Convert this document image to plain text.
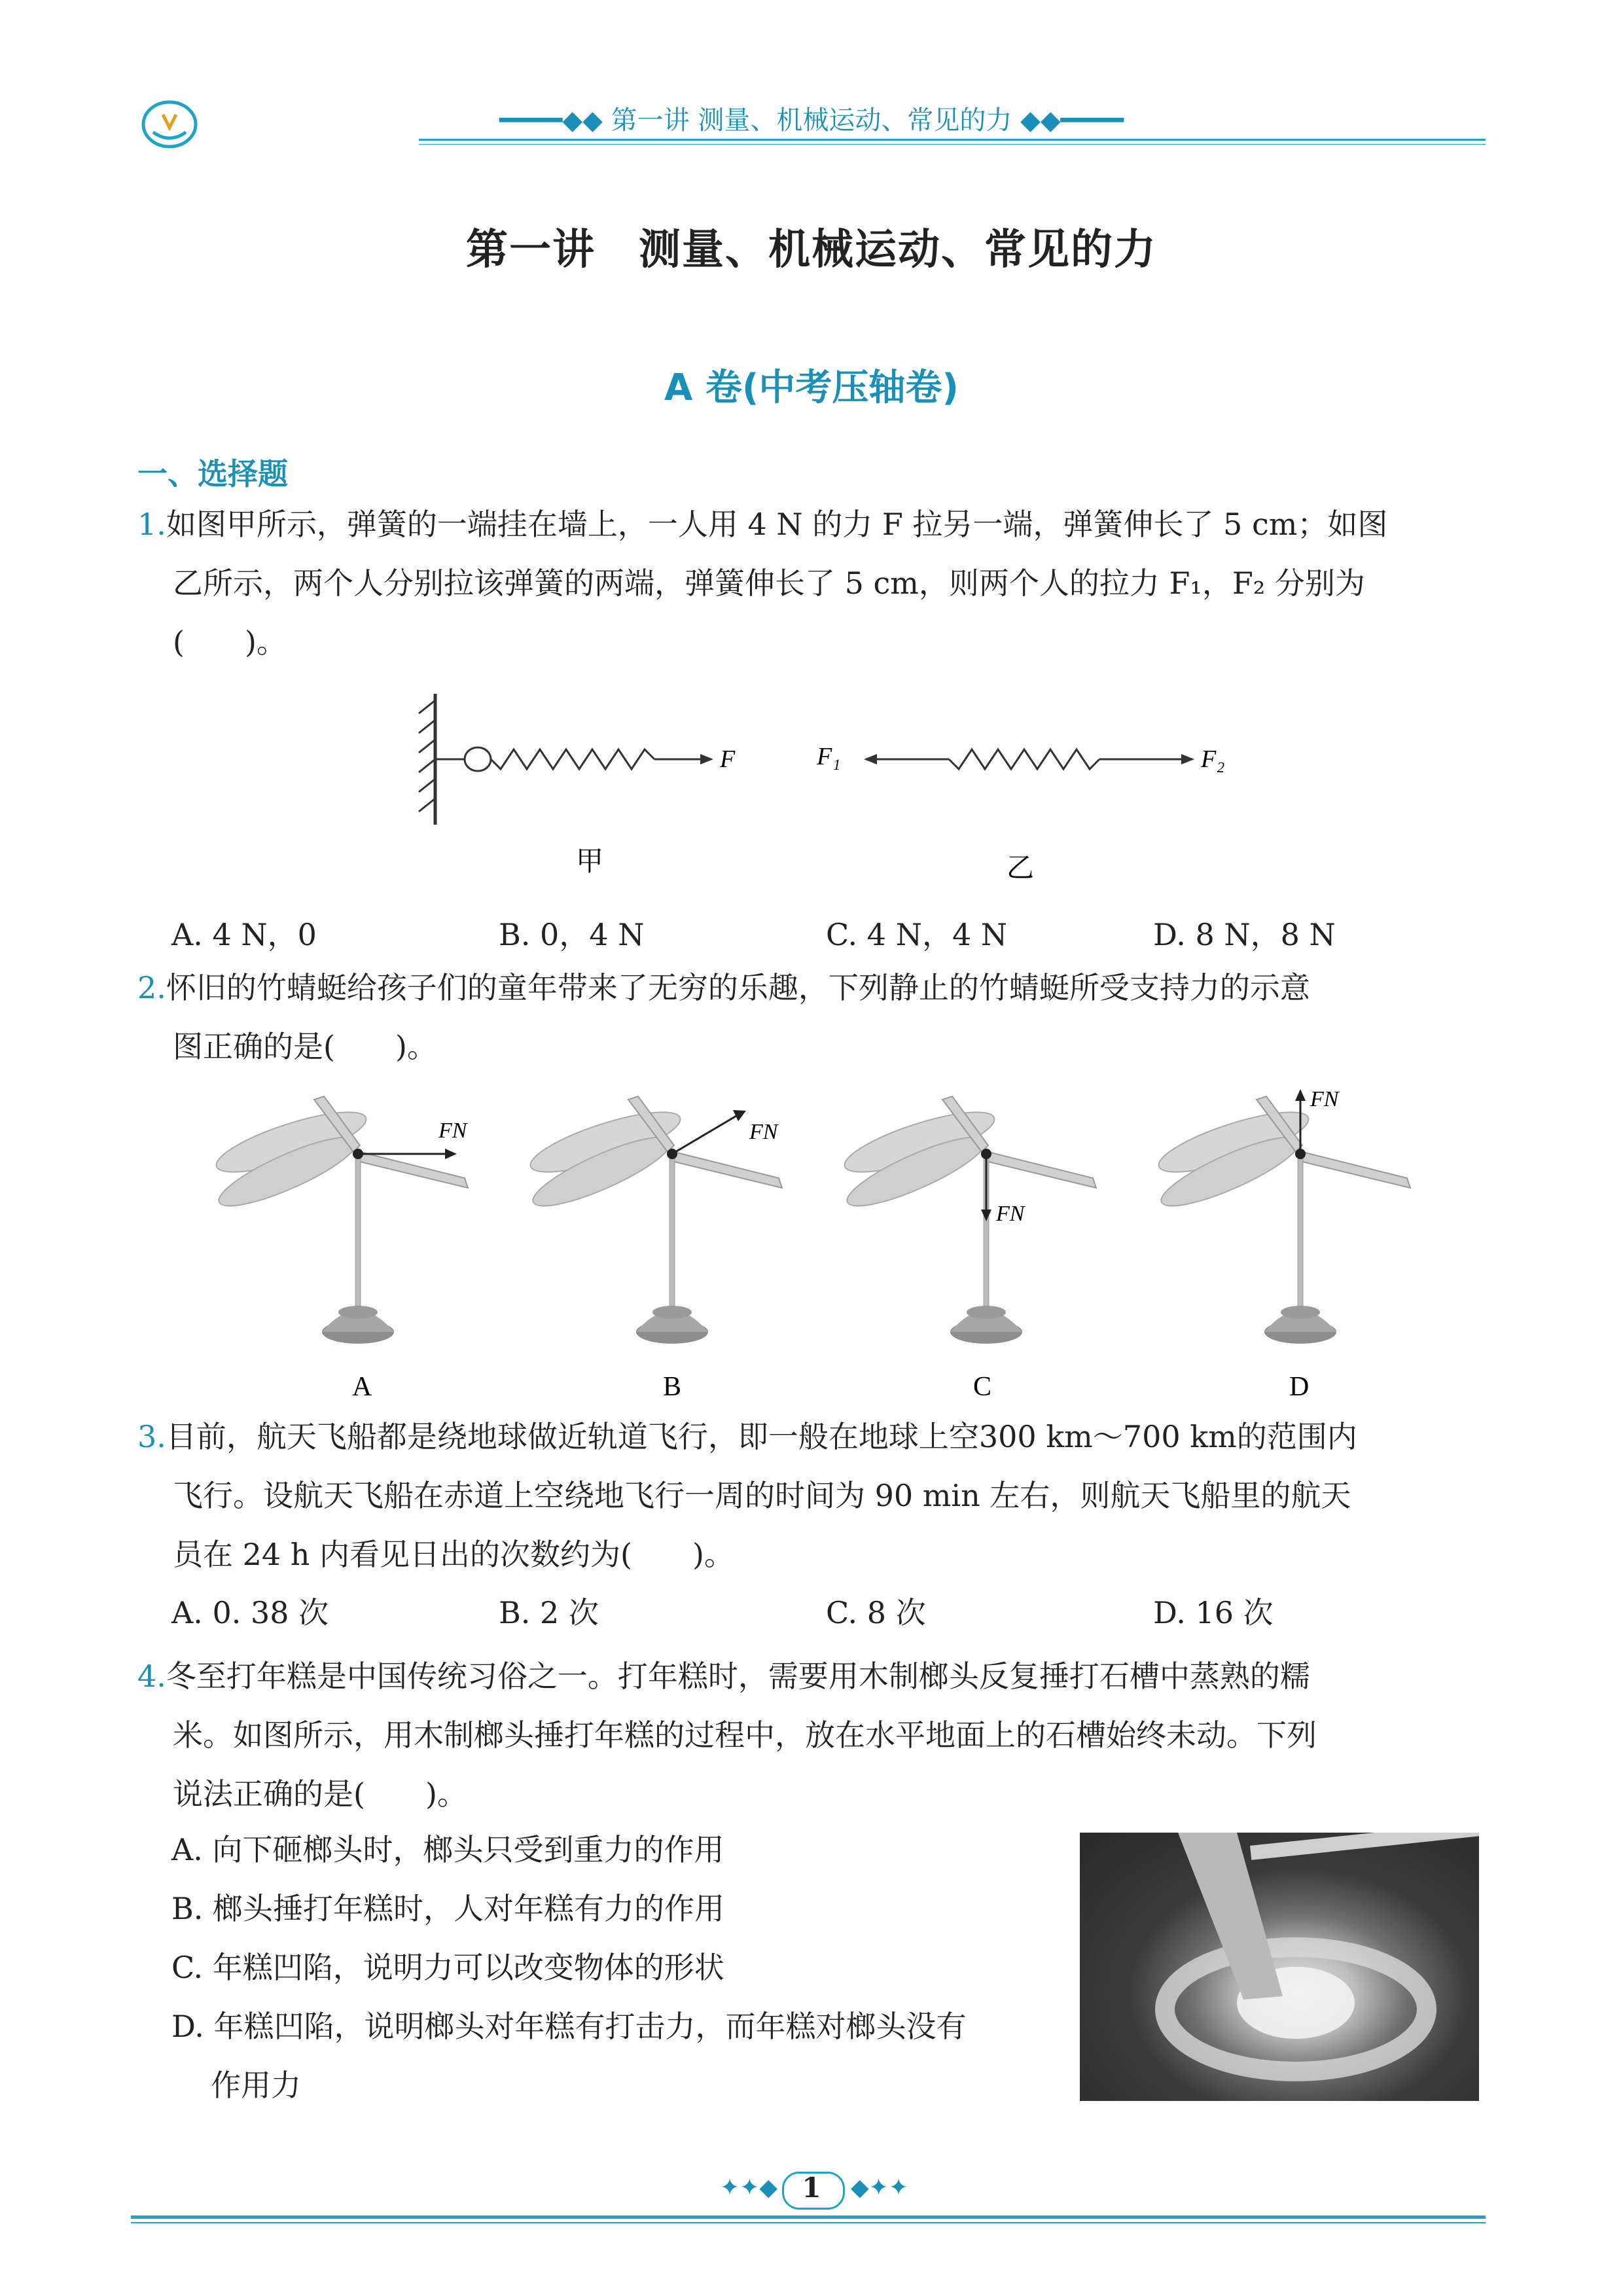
━━━━◆◆ 第一讲 测量、机械运动、常见的力 ◆◆━━━━
第一讲　测量、机械运动、常见的力
A 卷(中考压轴卷)
一、选择题
1.如图甲所示，弹簧的一端挂在墙上，一人用 4 N 的力 F 拉另一端，弹簧伸长了 5 cm；如图
乙所示，两个人分别拉该弹簧的两端，弹簧伸长了 5 cm，则两个人的拉力 F₁，F₂ 分别为
(　　)。
F
甲
F₁	F₂
乙
A. 4 N，0	B. 0，4 N	C. 4 N，4 N	D. 8 N，8 N
2.怀旧的竹蜻蜓给孩子们的童年带来了无穷的乐趣，下列静止的竹蜻蜓所受支持力的示意
图正确的是(　　)。
FN
A
FN
B
FN
C
FN
D
3.目前，航天飞船都是绕地球做近轨道飞行，即一般在地球上空300 km～700 km的范围内
飞行。设航天飞船在赤道上空绕地飞行一周的时间为 90 min 左右，则航天飞船里的航天
员在 24 h 内看见日出的次数约为(　　)。
A. 0. 38 次	B. 2 次	C. 8 次	D. 16 次
4.冬至打年糕是中国传统习俗之一。打年糕时，需要用木制榔头反复捶打石槽中蒸熟的糯
米。如图所示，用木制榔头捶打年糕的过程中，放在水平地面上的石槽始终未动。下列
说法正确的是(　　)。
A. 向下砸榔头时，榔头只受到重力的作用
B. 榔头捶打年糕时，人对年糕有力的作用
C. 年糕凹陷，说明力可以改变物体的形状
D. 年糕凹陷，说明榔头对年糕有打击力，而年糕对榔头没有
作用力
1
✦✦◆	◆✦✦
